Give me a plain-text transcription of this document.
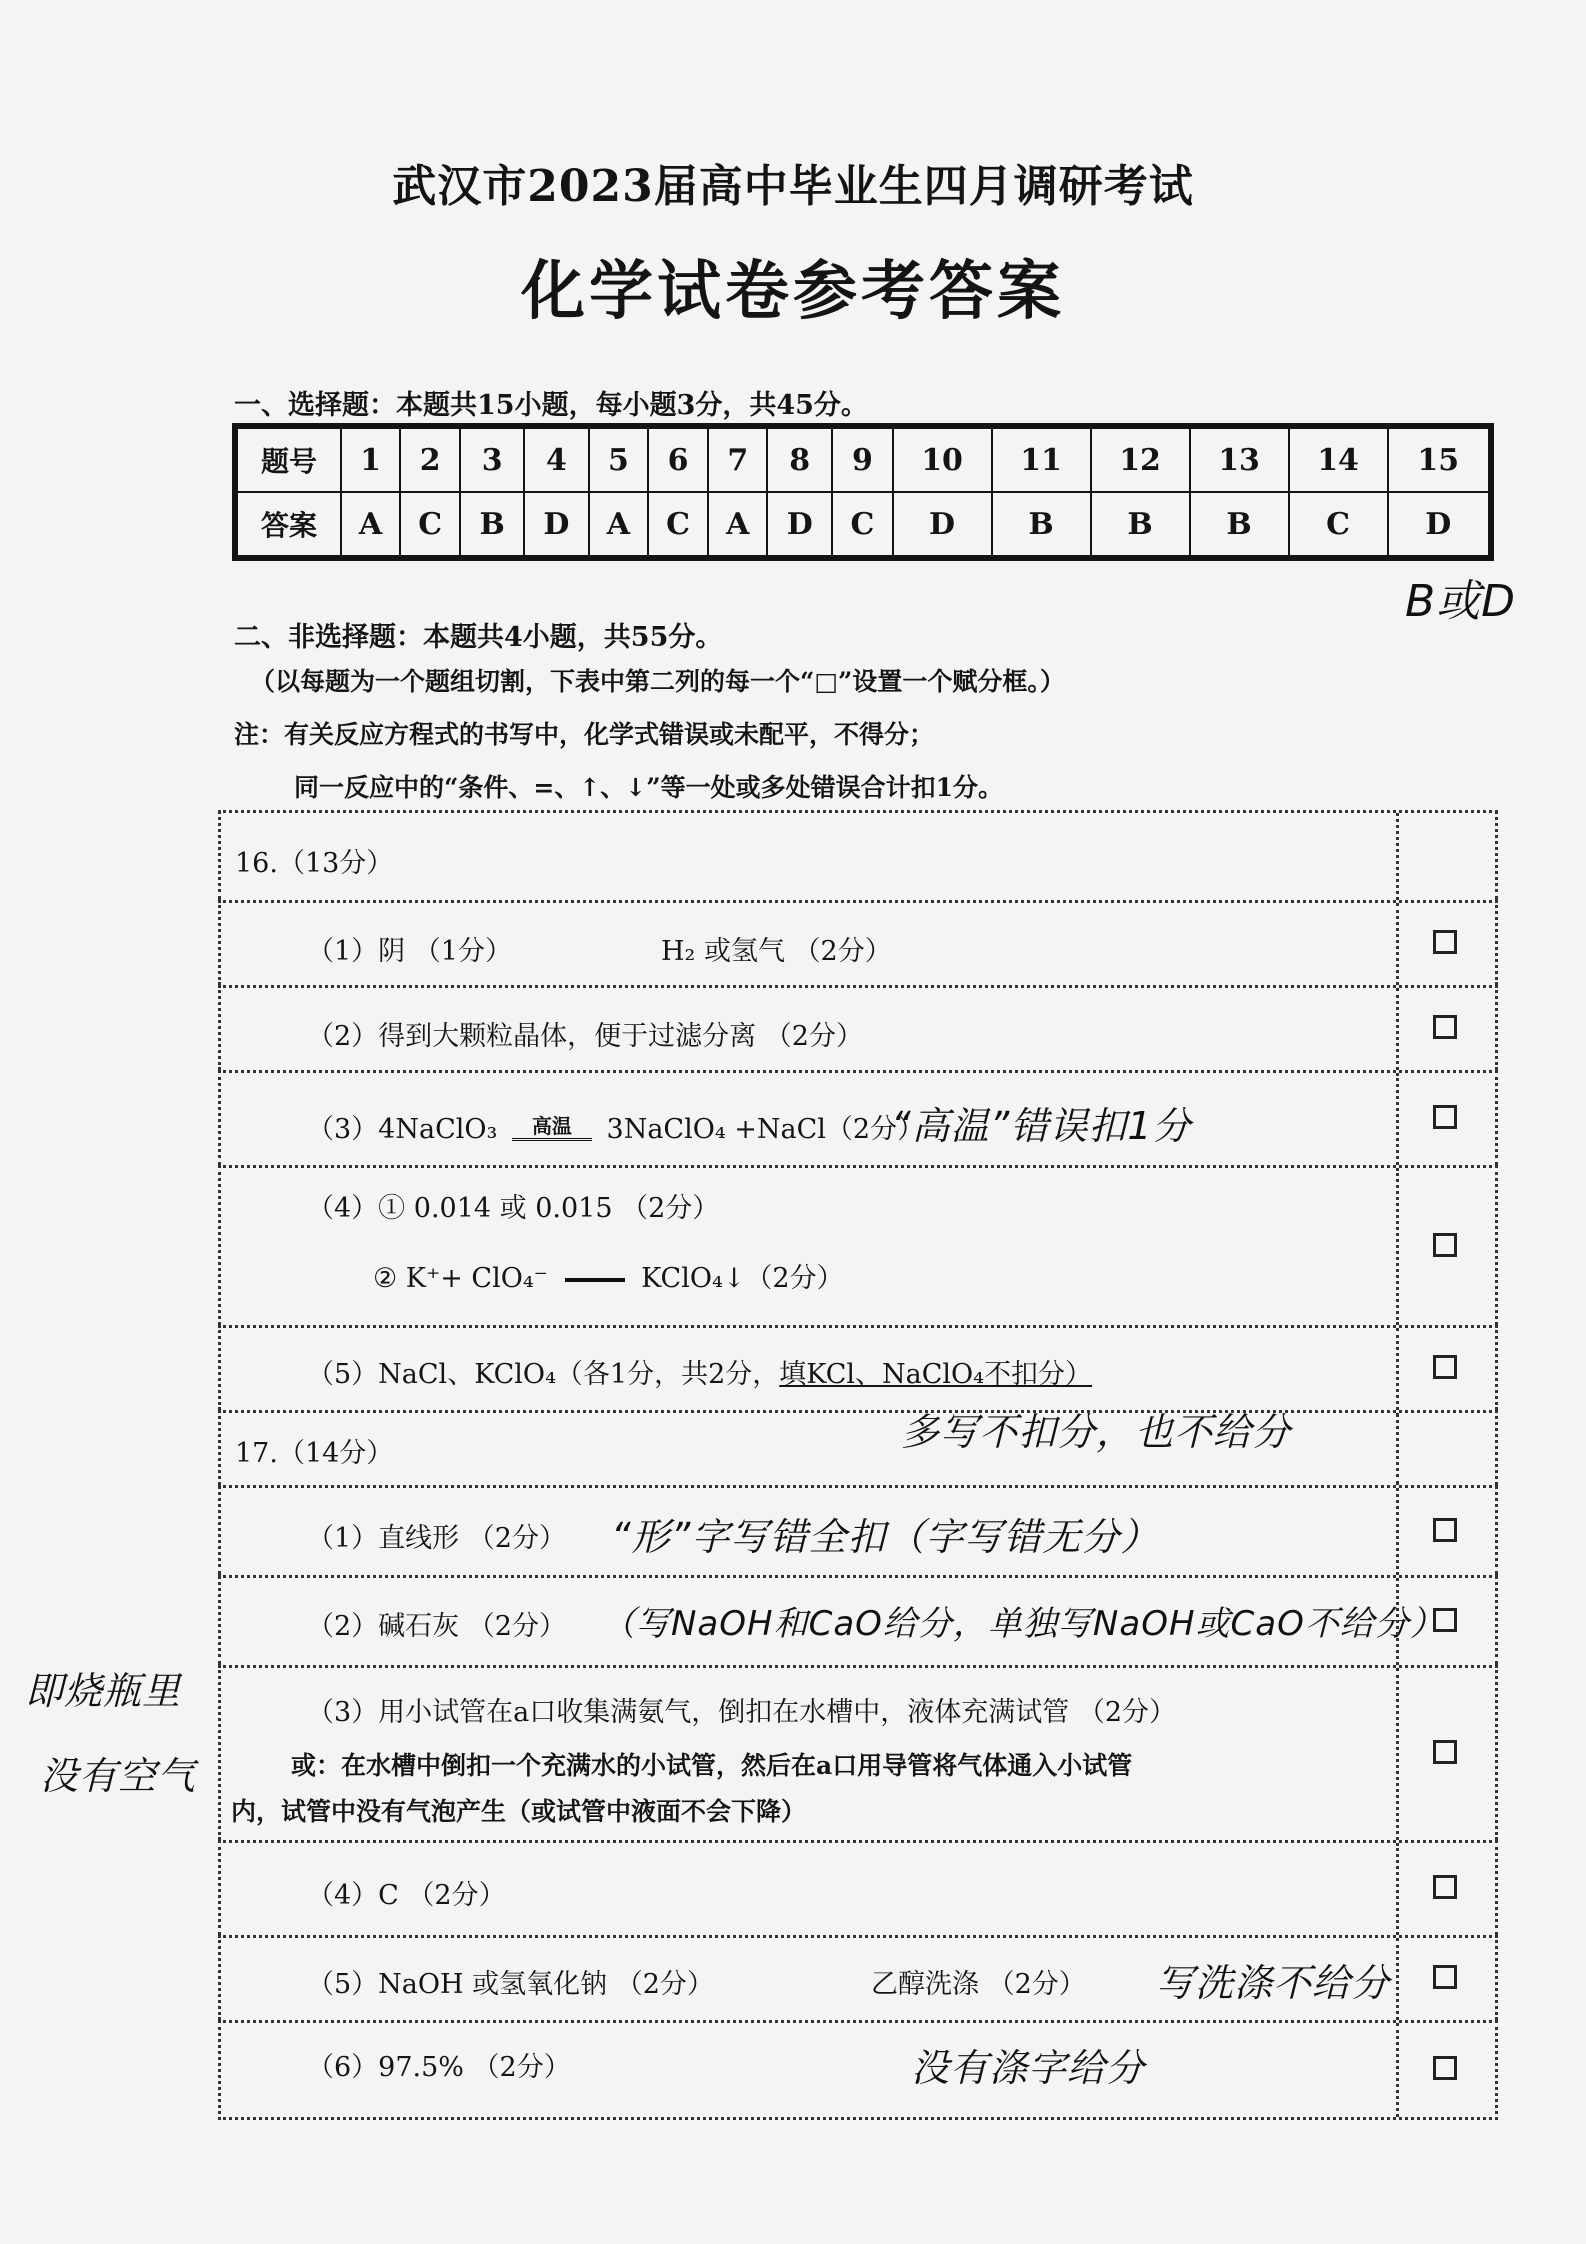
武汉市2023届高中毕业生四月调研考试
化学试卷参考答案
一、选择题：本题共15小题，每小题3分，共45分。
题号	1	2	3	4	5	6	7	8	9	10	11	12	13	14	15
答案	A	C	B	D	A	C	A	D	C	D	B	B	B	C	D
B或D
二、非选择题：本题共4小题，共55分。
（以每题为一个题组切割，下表中第二列的每一个“□”设置一个赋分框。）
注：有关反应方程式的书写中，化学式错误或未配平，不得分；
同一反应中的“条件、=、↑、↓”等一处或多处错误合计扣1分。
即烧瓶里
没有空气
16.（13分）
（1）阴 （1分）	H₂ 或氢气 （2分）
（2）得到大颗粒晶体，便于过滤分离 （2分）
（3）4NaClO₃	高温	3NaClO₄ +NaCl（2分）
“高温”错误扣1分
（4）① 0.014 或 0.015 （2分）
② K⁺+ ClO₄⁻	KClO₄↓（2分）
（5）NaCl、KClO₄（各1分，共2分，填KCl、NaClO₄不扣分）
17.（14分）	多写不扣分，也不给分
（1）直线形 （2分） “形”字写错全扣（字写错无分）
（2）碱石灰 （2分） （写NaOH和CaO给分，单独写NaOH或CaO不给分）
（3）用小试管在a口收集满氨气，倒扣在水槽中，液体充满试管 （2分）
或：在水槽中倒扣一个充满水的小试管，然后在a口用导管将气体通入小试管
内，试管中没有气泡产生（或试管中液面不会下降）
（4）C （2分）
（5）NaOH 或氢氧化钠 （2分）	乙醇洗涤 （2分） 写洗涤不给分
（6）97.5% （2分）	没有涤字给分
